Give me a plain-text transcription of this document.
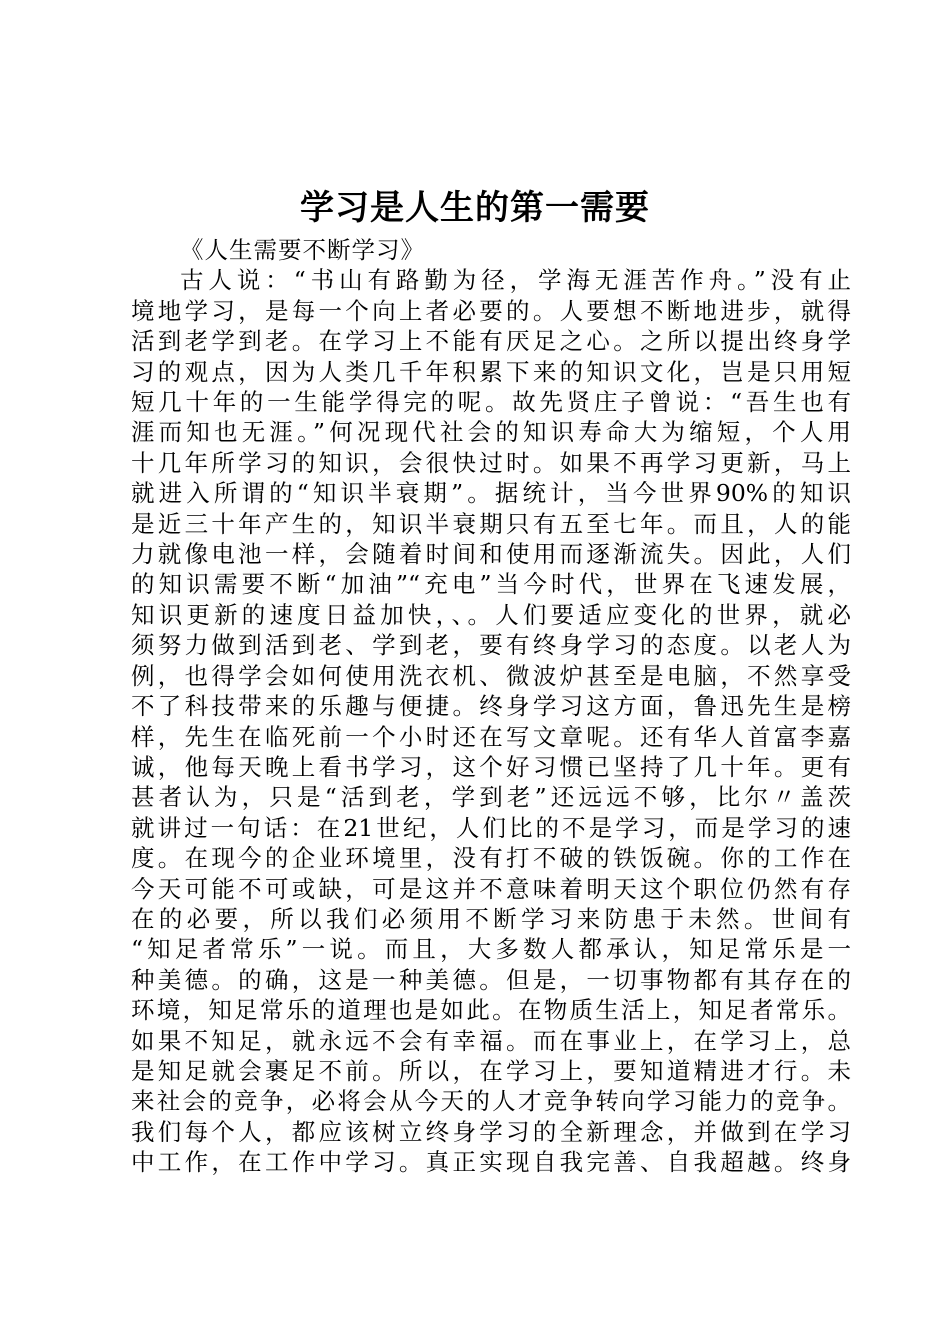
学习是人生的第一需要

《人生需要不断学习》

古人说：“书山有路勤为径，学海无涯苦作舟。”没有止

境地学习，是每一个向上者必要的。人要想不断地进步，就得

活到老学到老。在学习上不能有厌足之心。之所以提出终身学

习的观点，因为人类几千年积累下来的知识文化，岂是只用短

短几十年的一生能学得完的呢。故先贤庄子曾说：“吾生也有

涯而知也无涯。”何况现代社会的知识寿命大为缩短，个人用

十几年所学习的知识，会很快过时。如果不再学习更新，马上

就进入所谓的“知识半衰期”。据统计，当今世界90%的知识

是近三十年产生的，知识半衰期只有五至七年。而且，人的能

力就像电池一样，会随着时间和使用而逐渐流失。因此，人们

的知识需要不断“加油”“充电”当今时代，世界在飞速发展，

知识更新的速度日益加快，、。人们要适应变化的世界，就必

须努力做到活到老、学到老，要有终身学习的态度。以老人为

例，也得学会如何使用洗衣机、微波炉甚至是电脑，不然享受

不了科技带来的乐趣与便捷。终身学习这方面，鲁迅先生是榜

样，先生在临死前一个小时还在写文章呢。还有华人首富李嘉

诚，他每天晚上看书学习，这个好习惯已坚持了几十年。更有

甚者认为，只是“活到老，学到老”还远远不够，比尔〃盖茨

就讲过一句话：在21世纪，人们比的不是学习，而是学习的速

度。在现今的企业环境里，没有打不破的铁饭碗。你的工作在

今天可能不可或缺，可是这并不意味着明天这个职位仍然有存

在的必要，所以我们必须用不断学习来防患于未然。世间有

“知足者常乐”一说。而且，大多数人都承认，知足常乐是一

种美德。的确，这是一种美德。但是，一切事物都有其存在的

环境，知足常乐的道理也是如此。在物质生活上，知足者常乐。

如果不知足，就永远不会有幸福。而在事业上，在学习上，总

是知足就会裹足不前。所以，在学习上，要知道精进才行。未

来社会的竞争，必将会从今天的人才竞争转向学习能力的竞争。

我们每个人，都应该树立终身学习的全新理念，并做到在学习

中工作，在工作中学习。真正实现自我完善、自我超越。终身
